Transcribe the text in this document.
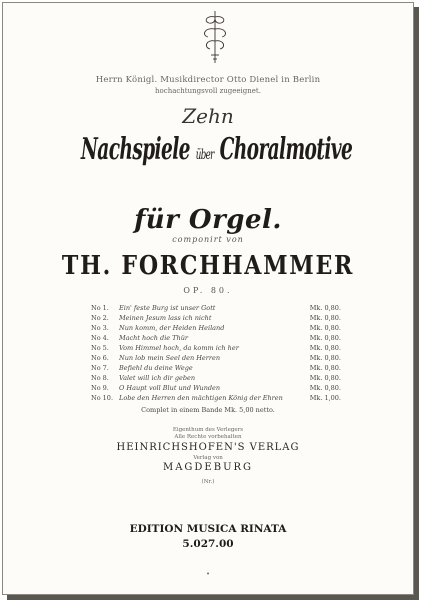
Herrn Königl. Musikdirector Otto Dienel in Berlin
hochachtungsvoll zugeeignet.
Zehn
Nachspiele über Choralmotive
für Orgel.
componirt von
TH. FORCHHAMMER
OP. 80.
No 1.	Ein' feste Burg ist unser Gott	Mk. 0,80.
No 2.	Meinen Jesum lass ich nicht	Mk. 0,80.
No 3.	Nun komm, der Heiden Heiland	Mk. 0,80.
No 4.	Macht hoch die Thür	Mk. 0,80.
No 5.	Vom Himmel hoch, da komm ich her	Mk. 0,80.
No 6.	Nun lob mein Seel den Herren	Mk. 0,80.
No 7.	Befiehl du deine Wege	Mk. 0,80.
No 8.	Valet will ich dir geben	Mk. 0,80.
No 9.	O Haupt voll Blut und Wunden	Mk. 0,80.
No 10. Lobe den Herren den mächtigen König der Ehren	Mk. 1,00.
Complet in einem Bande Mk. 5,00 netto.
Eigenthum des Verlegers
Alle Rechte vorbehalten
HEINRICHSHOFEN'S VERLAG
Verlag von
MAGDEBURG
(Nr.)
EDITION MUSICA RINATA
5.027.00
•
